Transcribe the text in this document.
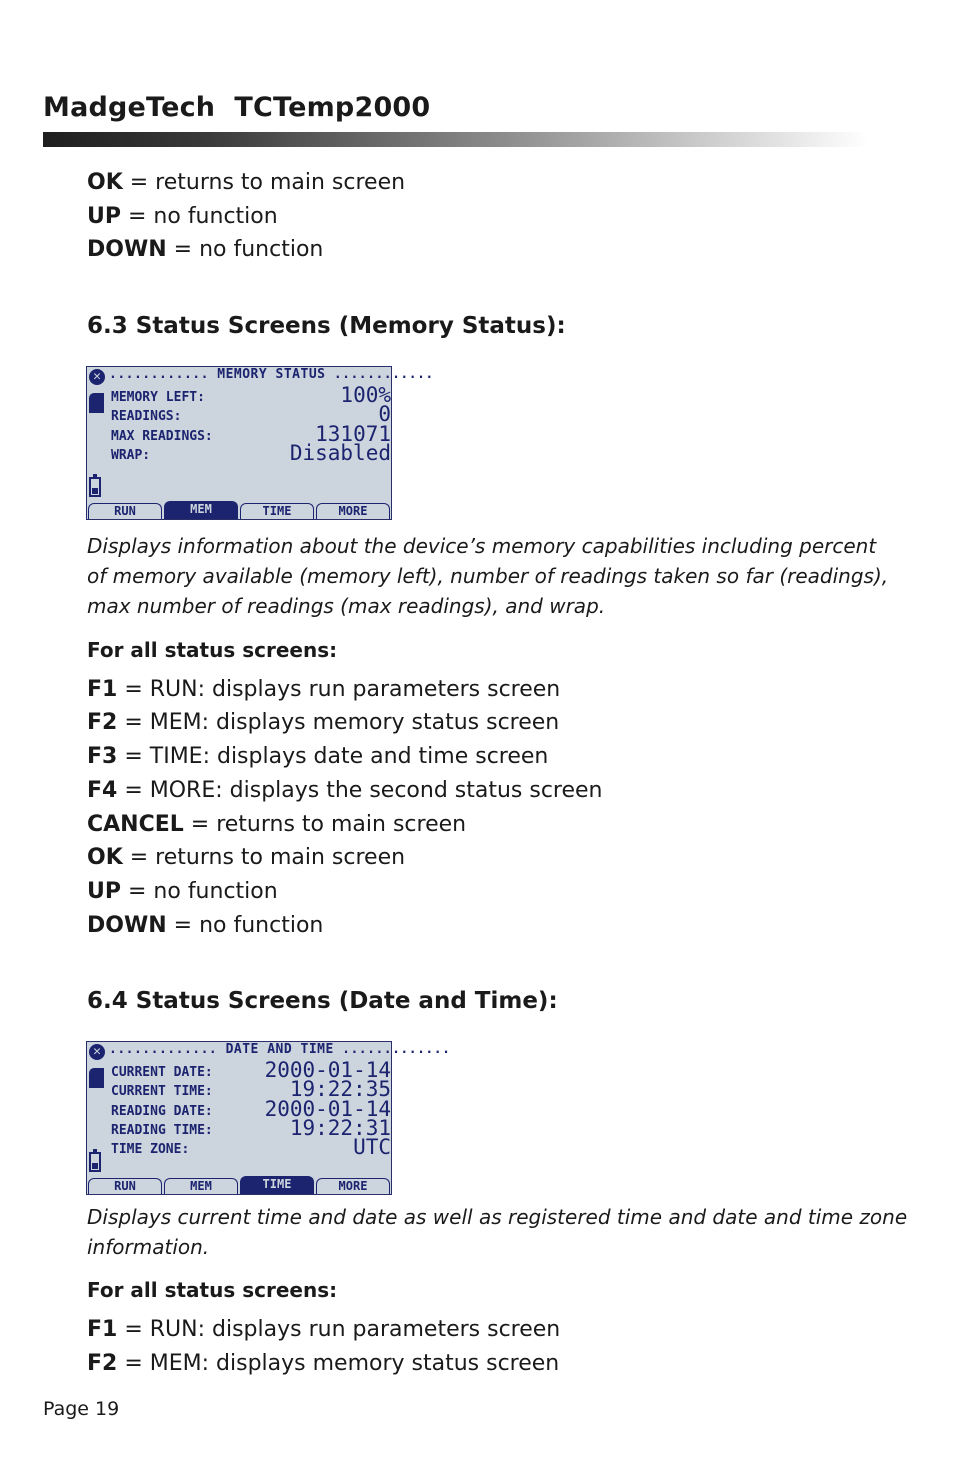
MadgeTech  TCTemp2000
OK = returns to main screen
UP = no function
DOWN = no function
6.3 Status Screens (Memory Status):
✕ ............ MEMORY STATUS ............
MEMORY LEFT:	100%
READINGS:	0
MAX READINGS:	131071
WRAP:	Disabled
RUN	MEM	TIME	MORE
Displays information about the device’s memory capabilities including percent
of memory available (memory left), number of readings taken so far (readings),
max number of readings (max readings), and wrap.
For all status screens:
F1 = RUN: displays run parameters screen
F2 = MEM: displays memory status screen
F3 = TIME: displays date and time screen
F4 = MORE: displays the second status screen
CANCEL = returns to main screen
OK = returns to main screen
UP = no function
DOWN = no function
6.4 Status Screens (Date and Time):
✕ ............. DATE AND TIME .............
CURRENT DATE: 2000-01-14
CURRENT TIME:	19:22:35
READING DATE: 2000-01-14
READING TIME:	19:22:31
TIME ZONE:	UTC
RUN	MEM	TIME	MORE
Displays current time and date as well as registered time and date and time zone
information.
For all status screens:
F1 = RUN: displays run parameters screen
F2 = MEM: displays memory status screen
Page 19
